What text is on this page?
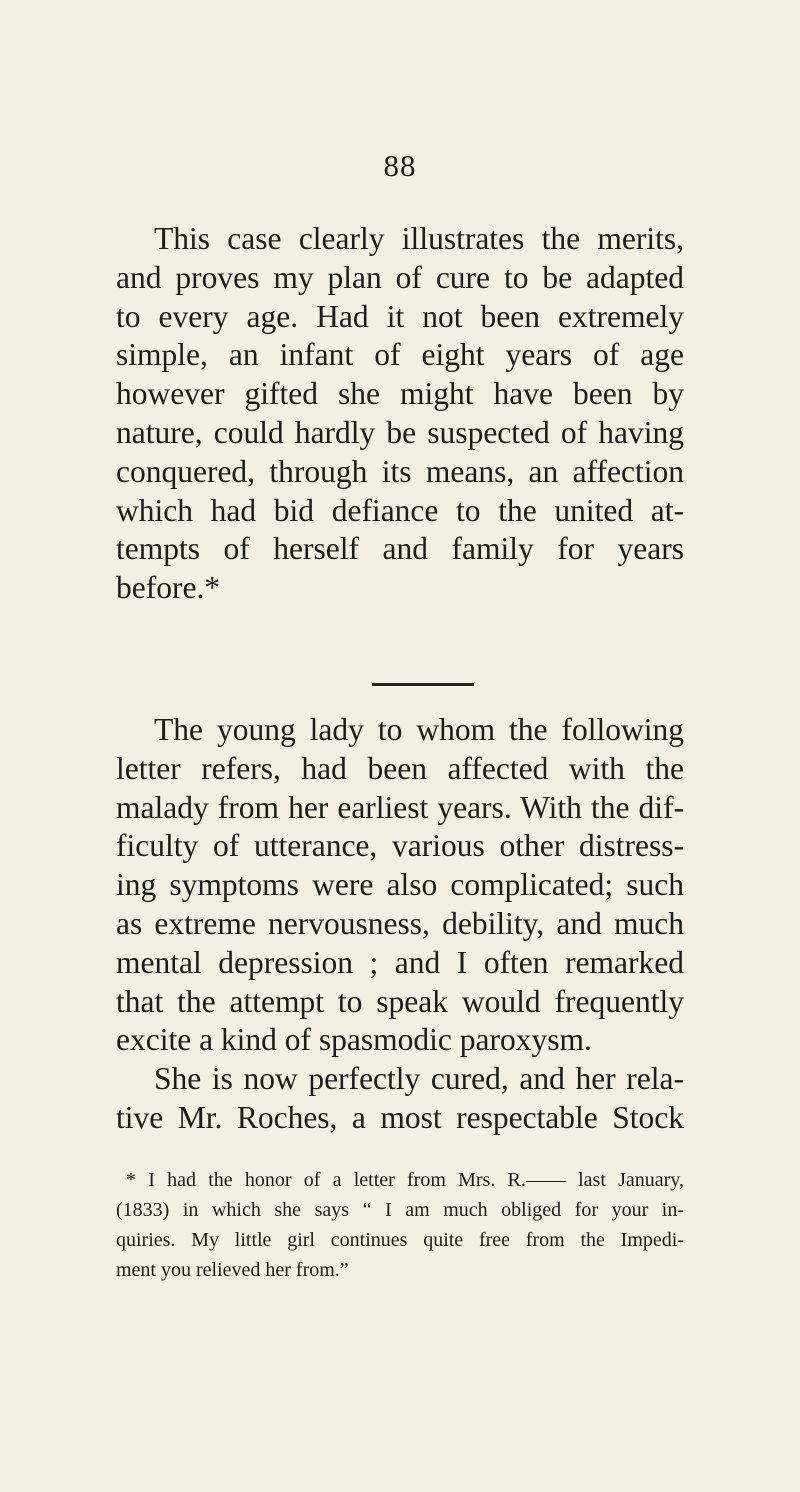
88
This case clearly illustrates the merits,
and proves my plan of cure to be adapted
to every age. Had it not been extremely
simple, an infant of eight years of age
however gifted she might have been by
nature, could hardly be suspected of having
conquered, through its means, an affection
which had bid defiance to the united at-
tempts of herself and family for years
before.*
The young lady to whom the following
letter refers, had been affected with the
malady from her earliest years. With the dif-
ficulty of utterance, various other distress-
ing symptoms were also complicated; such
as extreme nervousness, debility, and much
mental depression ; and I often remarked
that the attempt to speak would frequently
excite a kind of spasmodic paroxysm.
She is now perfectly cured, and her rela-
tive Mr. Roches, a most respectable Stock
* I had the honor of a letter from Mrs. R.—— last January,
(1833) in which she says “ I am much obliged for your in-
quiries. My little girl continues quite free from the Impedi-
ment you relieved her from.”
